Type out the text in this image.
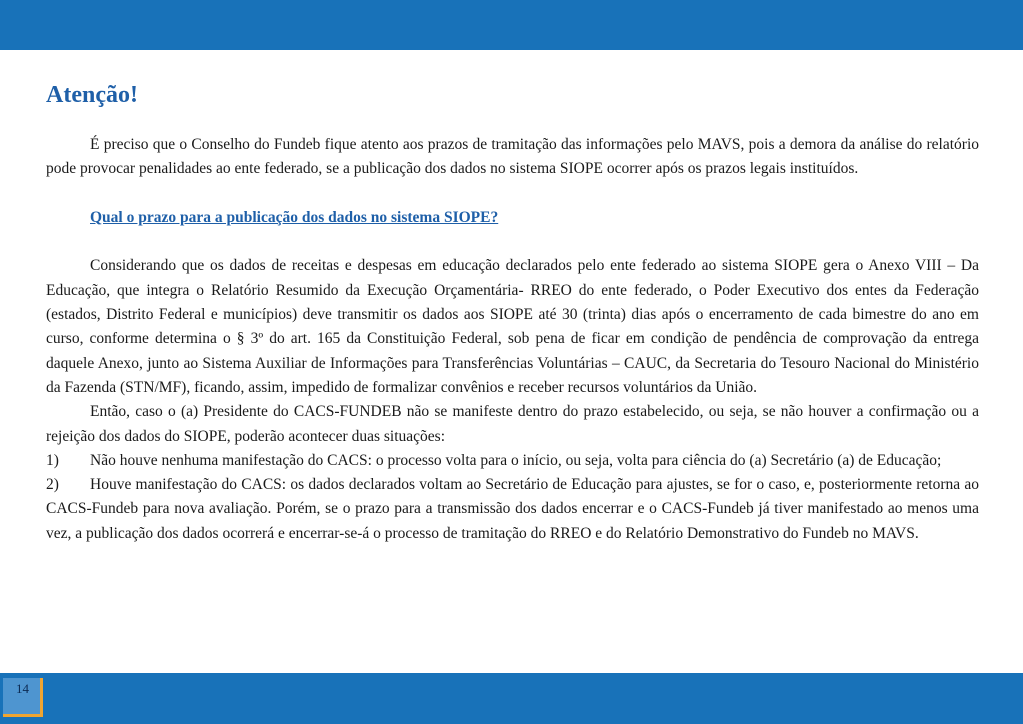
Atenção!

É preciso que o Conselho do Fundeb fique atento aos prazos de tramitação das informações pelo MAVS, pois a demora da análise do relatório pode provocar penalidades ao ente federado, se a publicação dos dados no sistema SIOPE ocorrer após os prazos legais instituídos.

Qual o prazo para a publicação dos dados no sistema SIOPE?

Considerando que os dados de receitas e despesas em educação declarados pelo ente federado ao sistema SIOPE gera o Anexo VIII – Da Educação, que integra o Relatório Resumido da Execução Orçamentária- RREO do ente federado, o Poder Executivo dos entes da Federação (estados, Distrito Federal e municípios) deve transmitir os dados aos SIOPE até 30 (trinta) dias após o encerramento de cada bimestre do ano em curso, conforme determina o § 3º do art. 165 da Constituição Federal, sob pena de ficar em condição de pendência de comprovação da entrega daquele Anexo, junto ao Sistema Auxiliar de Informações para Transferências Voluntárias – CAUC, da Secretaria do Tesouro Nacional do Ministério da Fazenda (STN/MF), ficando, assim, impedido de formalizar convênios e receber recursos voluntários da União.

Então, caso o (a) Presidente do CACS-FUNDEB não se manifeste dentro do prazo estabelecido, ou seja, se não houver a confirmação ou a rejeição dos dados do SIOPE, poderão acontecer duas situações:

1) Não houve nenhuma manifestação do CACS: o processo volta para o início, ou seja, volta para ciência do (a) Secretário (a) de Educação;

2) Houve manifestação do CACS: os dados declarados voltam ao Secretário de Educação para ajustes, se for o caso, e, posteriormente retorna ao CACS-Fundeb para nova avaliação. Porém, se o prazo para a transmissão dos dados encerrar e o CACS-Fundeb já tiver manifestado ao menos uma vez, a publicação dos dados ocorrerá e encerrar-se-á o processo de tramitação do RREO e do Relatório Demonstrativo do Fundeb no MAVS.

14
